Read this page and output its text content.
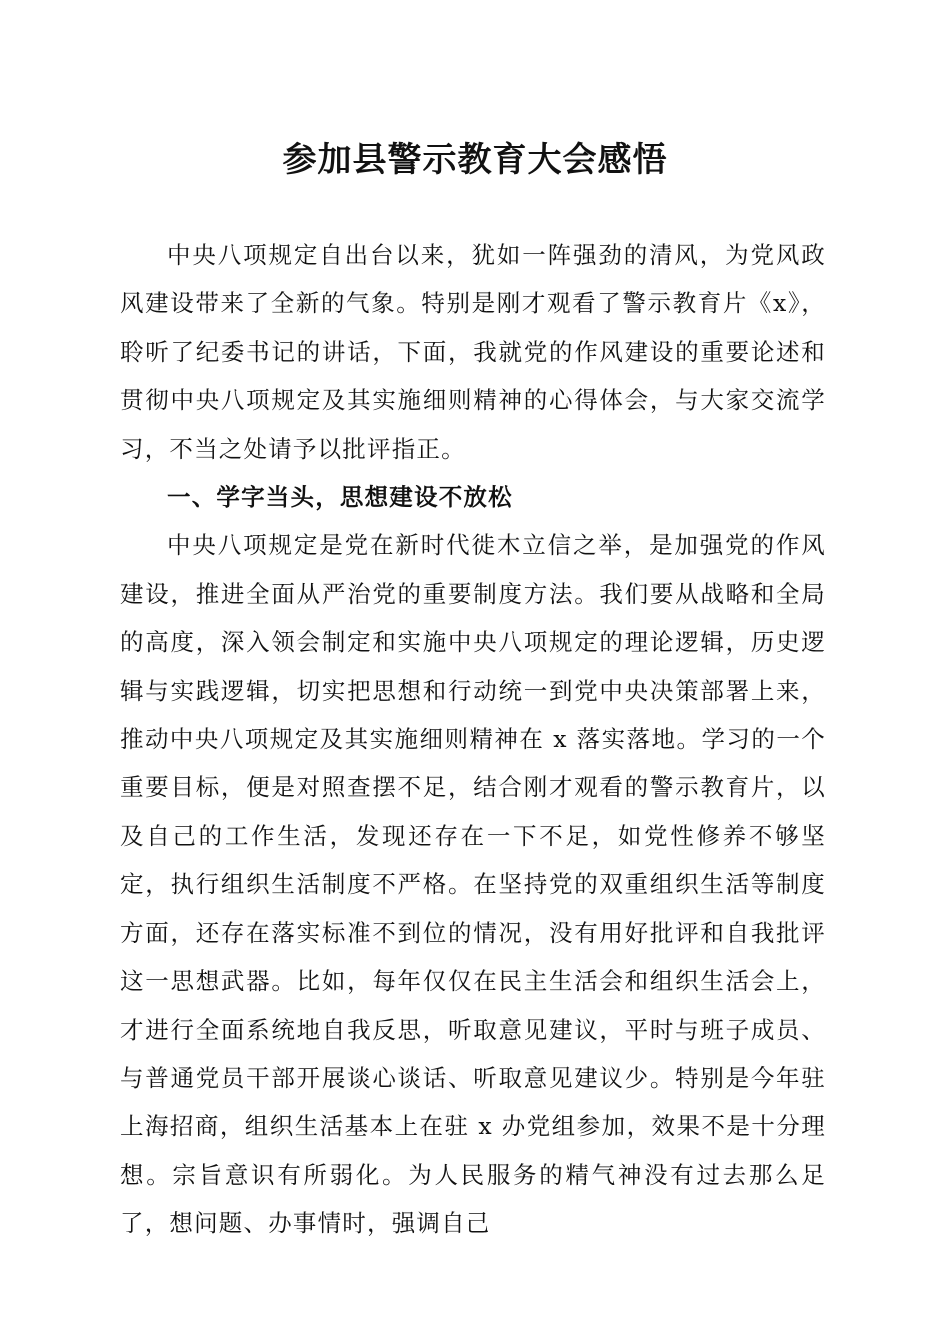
参加县警示教育大会感悟

中央八项规定自出台以来，犹如一阵强劲的清风，为党风政风建设带来了全新的气象。特别是刚才观看了警示教育片《x》，聆听了纪委书记的讲话，下面，我就党的作风建设的重要论述和贯彻中央八项规定及其实施细则精神的心得体会，与大家交流学习，不当之处请予以批评指正。

一、学字当头，思想建设不放松

中央八项规定是党在新时代徙木立信之举，是加强党的作风建设，推进全面从严治党的重要制度方法。我们要从战略和全局的高度，深入领会制定和实施中央八项规定的理论逻辑，历史逻辑与实践逻辑，切实把思想和行动统一到党中央决策部署上来，推动中央八项规定及其实施细则精神在 x 落实落地。学习的一个重要目标，便是对照查摆不足，结合刚才观看的警示教育片，以及自己的工作生活，发现还存在一下不足，如党性修养不够坚定，执行组织生活制度不严格。在坚持党的双重组织生活等制度方面，还存在落实标准不到位的情况，没有用好批评和自我批评这一思想武器。比如，每年仅仅在民主生活会和组织生活会上，才进行全面系统地自我反思，听取意见建议，平时与班子成员、与普通党员干部开展谈心谈话、听取意见建议少。特别是今年驻上海招商，组织生活基本上在驻 x 办党组参加，效果不是十分理想。宗旨意识有所弱化。为人民服务的精气神没有过去那么足了，想问题、办事情时，强调自己
